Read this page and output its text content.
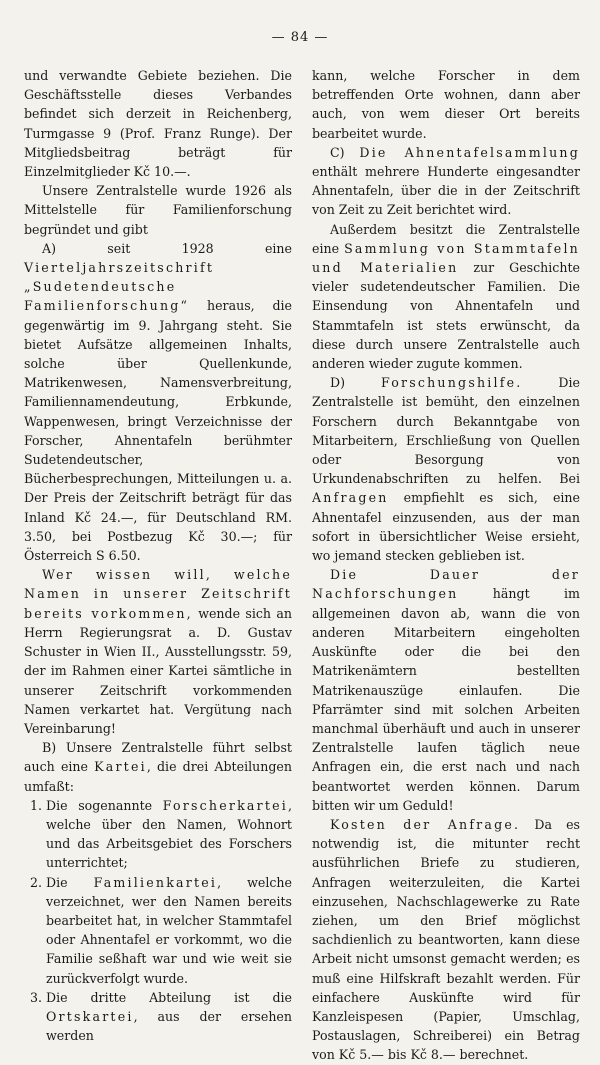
— 84 —

und verwandte Gebiete beziehen. Die Geschäftsstelle dieses Verbandes befindet sich derzeit in Reichenberg, Turmgasse 9 (Prof. Franz Runge). Der Mitgliedsbeitrag beträgt für Einzelmitglieder Kč 10.—.

Unsere Zentralstelle wurde 1926 als Mittelstelle für Familienforschung begründet und gibt

A) seit 1928 eine Vierteljahrszeitschrift „Sudetendeutsche Familienforschung“ heraus, die gegenwärtig im 9. Jahrgang steht. Sie bietet Aufsätze allgemeinen Inhalts, solche über Quellenkunde, Matrikenwesen, Namensverbreitung, Familiennamendeutung, Erbkunde, Wappenwesen, bringt Verzeichnisse der Forscher, Ahnentafeln berühmter Sudetendeutscher, Bücherbesprechungen, Mitteilungen u. a. Der Preis der Zeitschrift beträgt für das Inland Kč 24.—, für Deutschland RM. 3.50, bei Postbezug Kč 30.—; für Österreich S 6.50.

Wer wissen will, welche Namen in unserer Zeitschrift bereits vorkommen, wende sich an Herrn Regierungsrat a. D. Gustav Schuster in Wien II., Ausstellungsstr. 59, der im Rahmen einer Kartei sämtliche in unserer Zeitschrift vorkommenden Namen verkartet hat. Vergütung nach Vereinbarung!

B) Unsere Zentralstelle führt selbst auch eine Kartei, die drei Abteilungen umfaßt:

1. Die sogenannte Forscherkartei, welche über den Namen, Wohnort und das Arbeitsgebiet des Forschers unterrichtet;
2. Die Familienkartei, welche verzeichnet, wer den Namen bereits bearbeitet hat, in welcher Stammtafel oder Ahnentafel er vorkommt, wo die Familie seßhaft war und wie weit sie zurückverfolgt wurde.
3. Die dritte Abteilung ist die Ortskartei, aus der ersehen werden

kann, welche Forscher in dem betreffenden Orte wohnen, dann aber auch, von wem dieser Ort bereits bearbeitet wurde.

C) Die Ahnentafelsammlung enthält mehrere Hunderte eingesandter Ahnentafeln, über die in der Zeitschrift von Zeit zu Zeit berichtet wird.

Außerdem besitzt die Zentralstelle eine Sammlung von Stammtafeln und Materialien zur Geschichte vieler sudetendeutscher Familien. Die Einsendung von Ahnentafeln und Stammtafeln ist stets erwünscht, da diese durch unsere Zentralstelle auch anderen wieder zugute kommen.

D) Forschungshilfe. Die Zentralstelle ist bemüht, den einzelnen Forschern durch Bekanntgabe von Mitarbeitern, Erschließung von Quellen oder Besorgung von Urkundenabschriften zu helfen. Bei Anfragen empfiehlt es sich, eine Ahnentafel einzusenden, aus der man sofort in übersichtlicher Weise ersieht, wo jemand stecken geblieben ist.

Die Dauer der Nachforschungen hängt im allgemeinen davon ab, wann die von anderen Mitarbeitern eingeholten Auskünfte oder die bei den Matrikenämtern bestellten Matrikenauszüge einlaufen. Die Pfarrämter sind mit solchen Arbeiten manchmal überhäuft und auch in unserer Zentralstelle laufen täglich neue Anfragen ein, die erst nach und nach beantwortet werden können. Darum bitten wir um Geduld!

Kosten der Anfrage. Da es notwendig ist, die mitunter recht ausführlichen Briefe zu studieren, Anfragen weiterzuleiten, die Kartei einzusehen, Nachschlagewerke zu Rate ziehen, um den Brief möglichst sachdienlich zu beantworten, kann diese Arbeit nicht umsonst gemacht werden; es muß eine Hilfskraft bezahlt werden. Für einfachere Auskünfte wird für Kanzleispesen (Papier, Umschlag, Postauslagen, Schreiberei) ein Betrag von Kč 5.— bis Kč 8.— berechnet.
